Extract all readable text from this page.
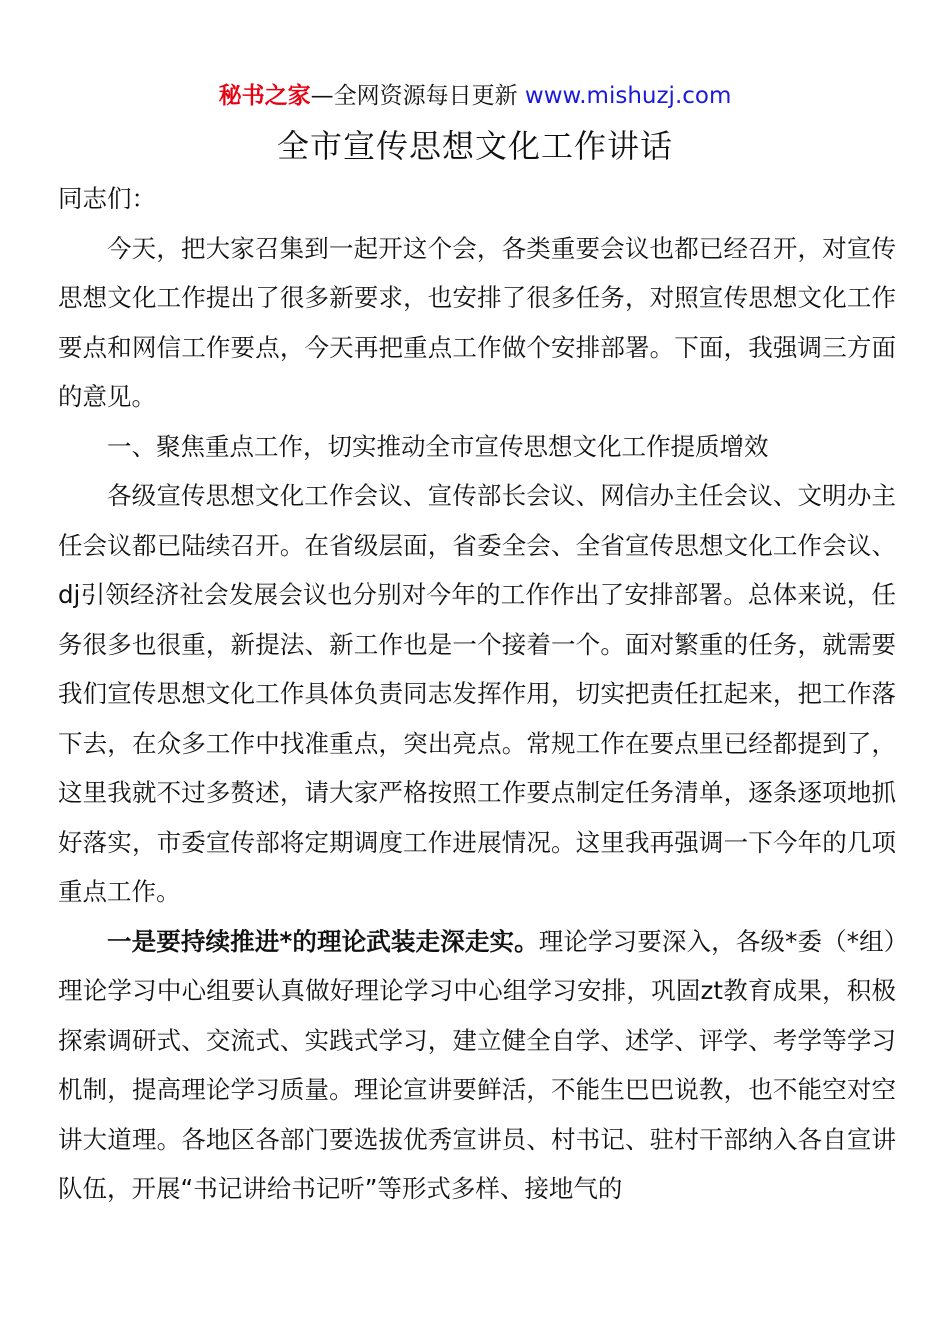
秘书之家—全网资源每日更新 www.mishuzj.com
全市宣传思想文化工作讲话

同志们：

今天，把大家召集到一起开这个会，各类重要会议也都已经召开，对宣传思想文化工作提出了很多新要求，也安排了很多任务，对照宣传思想文化工作要点和网信工作要点，今天再把重点工作做个安排部署。下面，我强调三方面的意见。

一、聚焦重点工作，切实推动全市宣传思想文化工作提质增效

各级宣传思想文化工作会议、宣传部长会议、网信办主任会议、文明办主任会议都已陆续召开。在省级层面，省委全会、全省宣传思想文化工作会议、dj引领经济社会发展会议也分别对今年的工作作出了安排部署。总体来说，任务很多也很重，新提法、新工作也是一个接着一个。面对繁重的任务，就需要我们宣传思想文化工作具体负责同志发挥作用，切实把责任扛起来，把工作落下去，在众多工作中找准重点，突出亮点。常规工作在要点里已经都提到了，这里我就不过多赘述，请大家严格按照工作要点制定任务清单，逐条逐项地抓好落实，市委宣传部将定期调度工作进展情况。这里我再强调一下今年的几项重点工作。

一是要持续推进*的理论武装走深走实。理论学习要深入，各级*委（*组）理论学习中心组要认真做好理论学习中心组学习安排，巩固zt教育成果，积极探索调研式、交流式、实践式学习，建立健全自学、述学、评学、考学等学习机制，提高理论学习质量。理论宣讲要鲜活，不能生巴巴说教，也不能空对空讲大道理。各地区各部门要选拔优秀宣讲员、村书记、驻村干部纳入各自宣讲队伍，开展“书记讲给书记听”等形式多样、接地气的
